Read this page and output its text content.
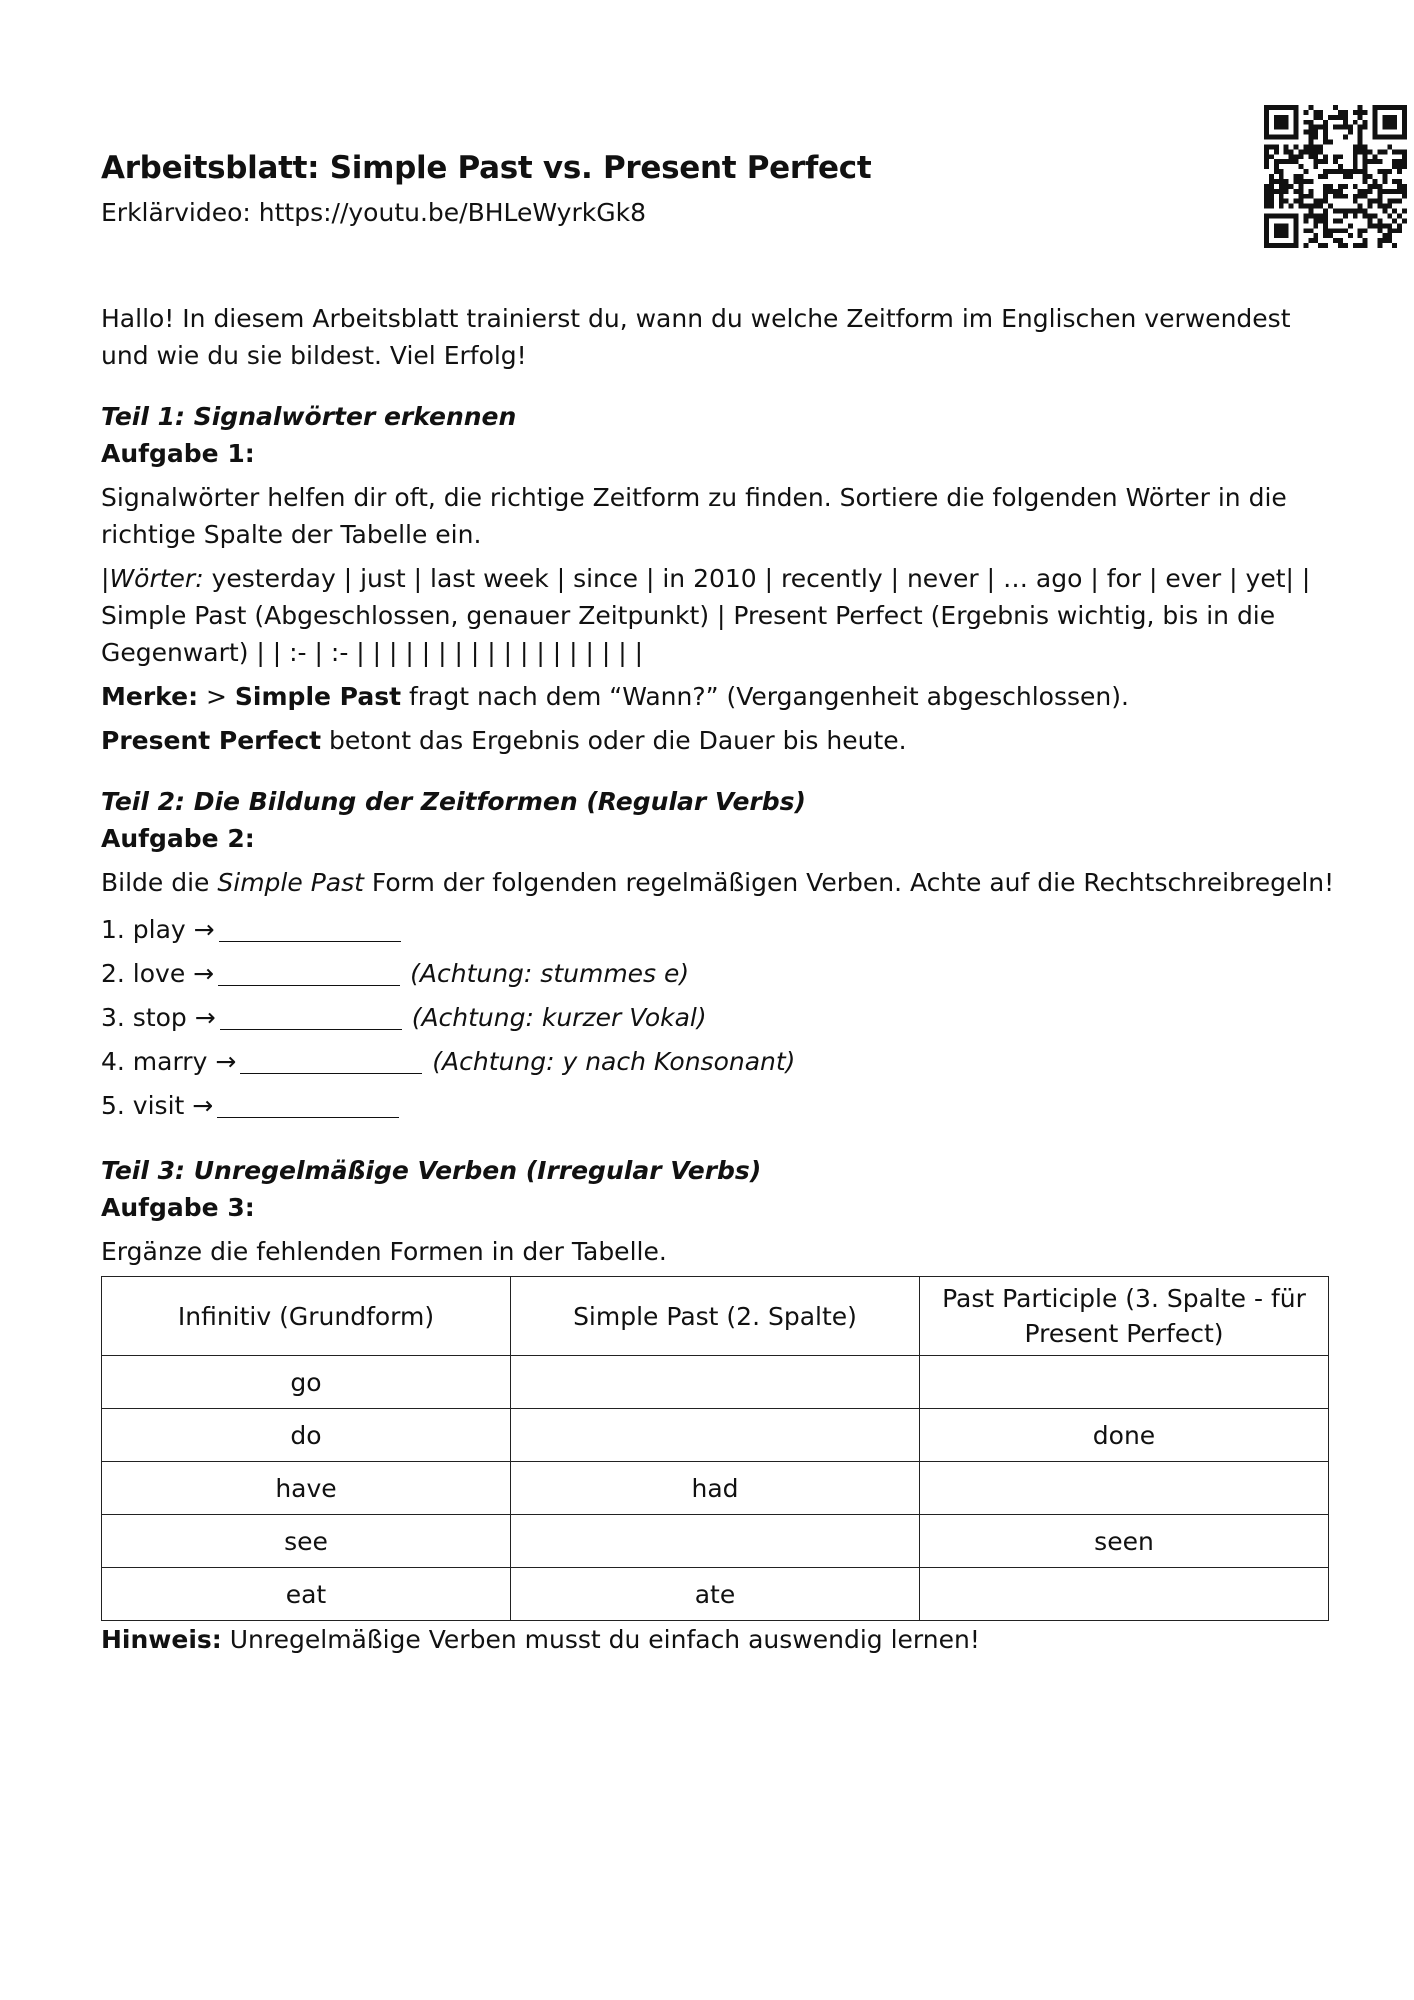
Arbeitsblatt: Simple Past vs. Present Perfect
Erklärvideo: https://youtu.be/BHLeWyrkGk8

Hallo! In diesem Arbeitsblatt trainierst du, wann du welche Zeitform im Englischen verwendest und wie du sie bildest. Viel Erfolg!

Teil 1: Signalwörter erkennen
Aufgabe 1:

Signalwörter helfen dir oft, die richtige Zeitform zu finden. Sortiere die folgenden Wörter in die richtige Spalte der Tabelle ein.

|Wörter: yesterday | just | last week | since | in 2010 | recently | never | … ago | for | ever | yet| | Simple Past (Abgeschlossen, genauer Zeitpunkt) | Present Perfect (Ergebnis wichtig, bis in die Gegenwart) | | :- | :- | | | | | | | | | | | | | | | | | |

Merke: > Simple Past fragt nach dem “Wann?” (Vergangenheit abgeschlossen).

Present Perfect betont das Ergebnis oder die Dauer bis heute.

Teil 2: Die Bildung der Zeitformen (Regular Verbs)
Aufgabe 2:

Bilde die Simple Past Form der folgenden regelmäßigen Verben. Achte auf die Rechtschreibregeln!

1. play →
2. love →	(Achtung: stummes e)
3. stop →	(Achtung: kurzer Vokal)
4. marry →	(Achtung: y nach Konsonant)
5. visit →
Teil 3: Unregelmäßige Verben (Irregular Verbs)
Aufgabe 3:

Ergänze die fehlenden Formen in der Tabelle.

Infinitiv (Grundform)	Simple Past (2. Spalte)	Past Participle (3. Spalte - für Present Perfect)
go		
do		done
have	had	
see		seen
eat	ate	

Hinweis: Unregelmäßige Verben musst du einfach auswendig lernen!
